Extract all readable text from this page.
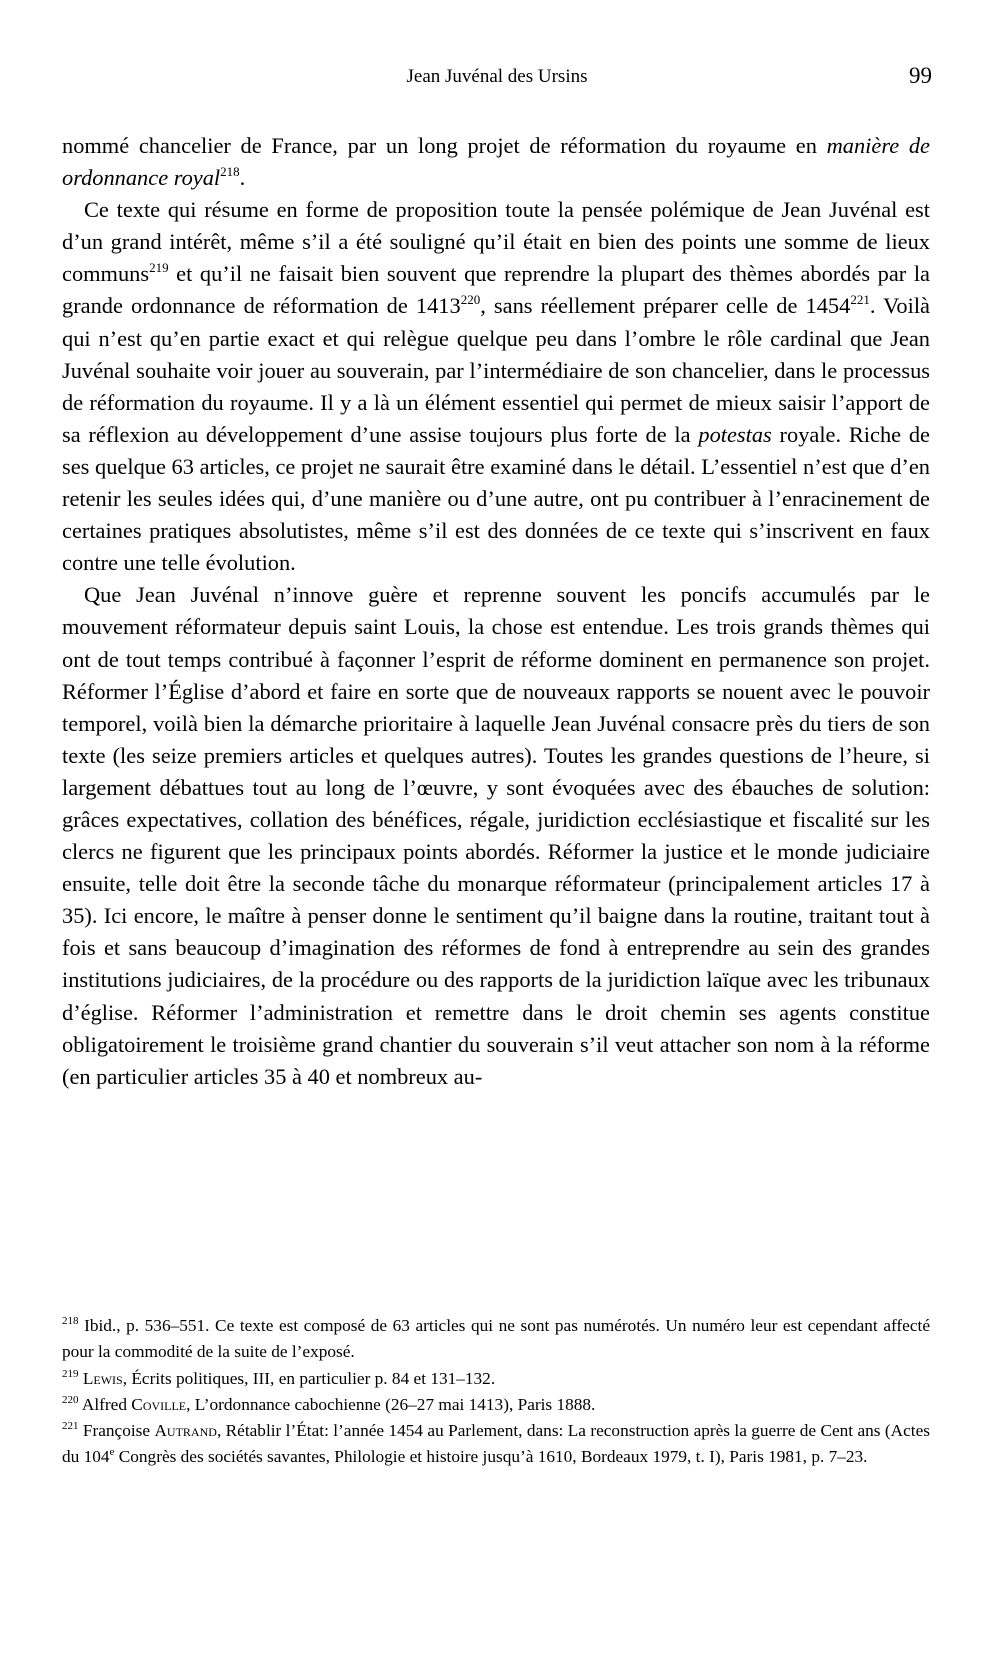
Jean Juvénal des Ursins	99

nommé chancelier de France, par un long projet de réformation du royaume en manière de ordonnance royal$^{218}$.

Ce texte qui résume en forme de proposition toute la pensée polémique de Jean Juvénal est d’un grand intérêt, même s’il a été souligné qu’il était en bien des points une somme de lieux communs$^{219}$ et qu’il ne faisait bien souvent que reprendre la plupart des thèmes abordés par la grande ordonnance de réformation de 1413$^{220}$, sans réellement préparer celle de 1454$^{221}$. Voilà qui n’est qu’en partie exact et qui relègue quelque peu dans l’ombre le rôle cardinal que Jean Juvénal souhaite voir jouer au souverain, par l’intermédiaire de son chancelier, dans le processus de réformation du royaume. Il y a là un élément essentiel qui permet de mieux saisir l’apport de sa réflexion au développement d’une assise toujours plus forte de la potestas royale. Riche de ses quelque 63 articles, ce projet ne saurait être examiné dans le détail. L’essentiel n’est que d’en retenir les seules idées qui, d’une manière ou d’une autre, ont pu contribuer à l’enracinement de certaines pratiques absolutistes, même s’il est des données de ce texte qui s’inscrivent en faux contre une telle évolution.

Que Jean Juvénal n’innove guère et reprenne souvent les poncifs accumulés par le mouvement réformateur depuis saint Louis, la chose est entendue. Les trois grands thèmes qui ont de tout temps contribué à façonner l’esprit de réforme dominent en permanence son projet. Réformer l’Église d’abord et faire en sorte que de nouveaux rapports se nouent avec le pouvoir temporel, voilà bien la démarche prioritaire à laquelle Jean Juvénal consacre près du tiers de son texte (les seize premiers articles et quelques autres). Toutes les grandes questions de l’heure, si largement débattues tout au long de l’œuvre, y sont évoquées avec des ébauches de solution: grâces expectatives, collation des bénéfices, régale, juridiction ecclésiastique et fiscalité sur les clercs ne figurent que les principaux points abordés. Réformer la justice et le monde judiciaire ensuite, telle doit être la seconde tâche du monarque réformateur (principalement articles 17 à 35). Ici encore, le maître à penser donne le sentiment qu’il baigne dans la routine, traitant tout à fois et sans beaucoup d’imagination des réformes de fond à entreprendre au sein des grandes institutions judiciaires, de la procédure ou des rapports de la juridiction laïque avec les tribunaux d’église. Réformer l’administration et remettre dans le droit chemin ses agents constitue obligatoirement le troisième grand chantier du souverain s’il veut attacher son nom à la réforme (en particulier articles 35 à 40 et nombreux au-

$^{218}$ Ibid., p. 536–551. Ce texte est composé de 63 articles qui ne sont pas numérotés. Un numéro leur est cependant affecté pour la commodité de la suite de l’exposé.

$^{219}$ Lewis, Écrits politiques, III, en particulier p. 84 et 131–132.

$^{220}$ Alfred Coville, L’ordonnance cabochienne (26–27 mai 1413), Paris 1888.

$^{221}$ Françoise Autrand, Rétablir l’État: l’année 1454 au Parlement, dans: La reconstruction après la guerre de Cent ans (Actes du 104e Congrès des sociétés savantes, Philologie et histoire jusqu’à 1610, Bordeaux 1979, t. I), Paris 1981, p. 7–23.
